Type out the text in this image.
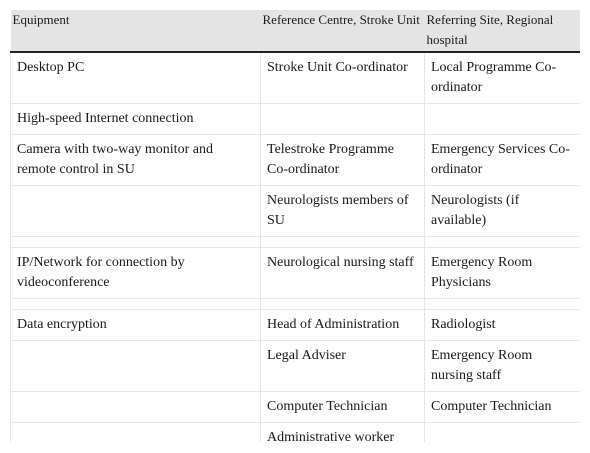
Equipment	Reference Centre, Stroke Unit	Referring Site, Regional hospital
Desktop PC	Stroke Unit Co-ordinator	Local Programme Co-ordinator
High-speed Internet connection		
Camera with two-way monitor and remote control in SU	Telestroke Programme Co-ordinator	Emergency Services Co-ordinator
	Neurologists members of SU	Neurologists (if available)

IP/Network for connection by videoconference	Neurological nursing staff	Emergency Room Physicians

Data encryption	Head of Administration	Radiologist
	Legal Adviser	Emergency Room nursing staff
	Computer Technician	Computer Technician
	Administrative worker	
